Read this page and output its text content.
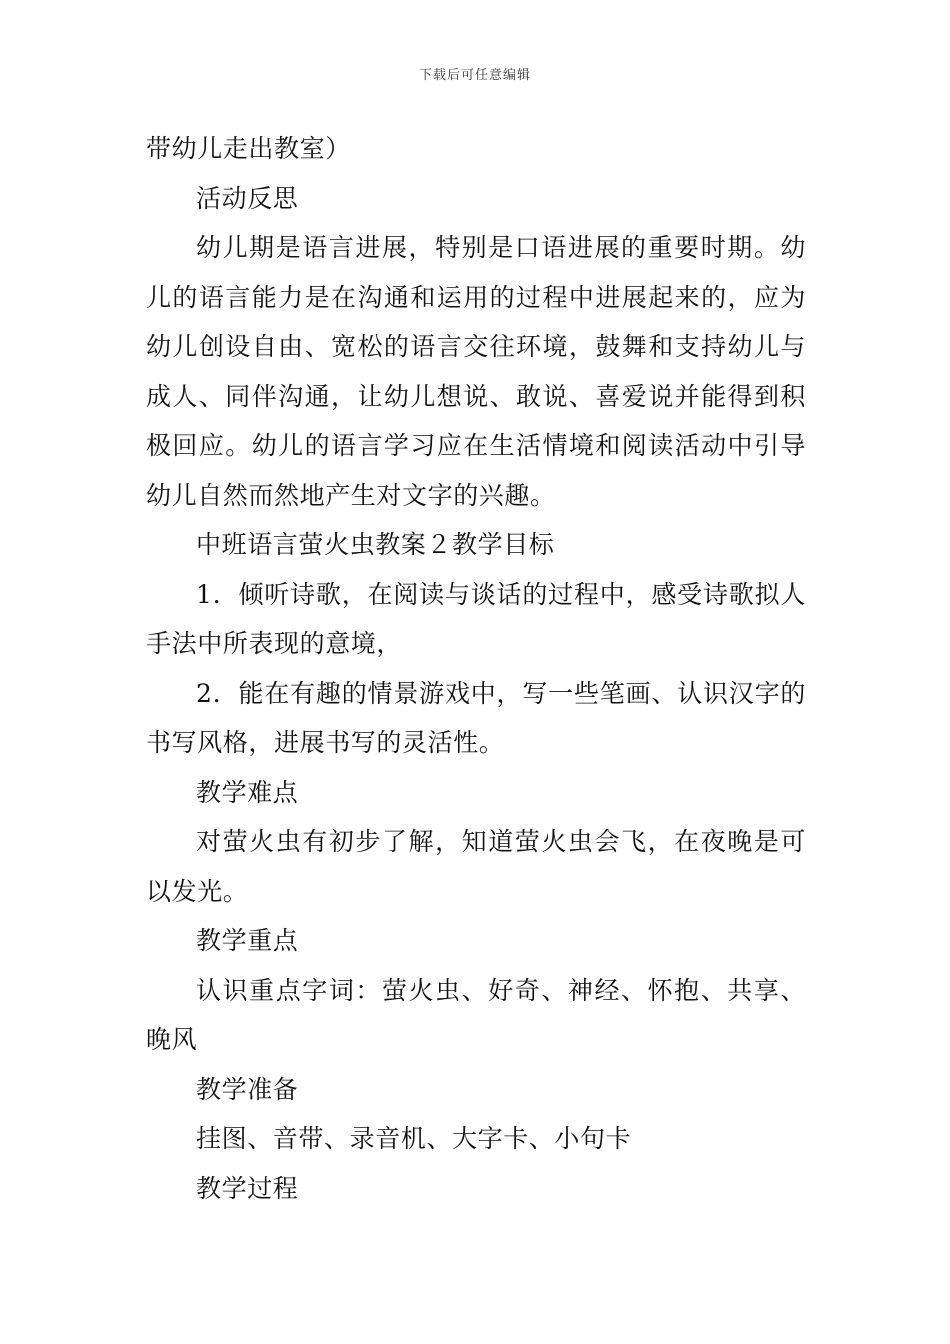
下载后可任意编辑

带幼儿走出教室）

活动反思

幼儿期是语言进展，特别是口语进展的重要时期。幼儿的语言能力是在沟通和运用的过程中进展起来的，应为幼儿创设自由、宽松的语言交往环境，鼓舞和支持幼儿与成人、同伴沟通，让幼儿想说、敢说、喜爱说并能得到积极回应。幼儿的语言学习应在生活情境和阅读活动中引导幼儿自然而然地产生对文字的兴趣。

中班语言萤火虫教案２教学目标

1．倾听诗歌，在阅读与谈话的过程中，感受诗歌拟人手法中所表现的意境，

2．能在有趣的情景游戏中，写一些笔画、认识汉字的书写风格，进展书写的灵活性。

教学难点

对萤火虫有初步了解，知道萤火虫会飞，在夜晚是可以发光。

教学重点

认识重点字词：萤火虫、好奇、神经、怀抱、共享、晚风

教学准备

挂图、音带、录音机、大字卡、小句卡

教学过程
